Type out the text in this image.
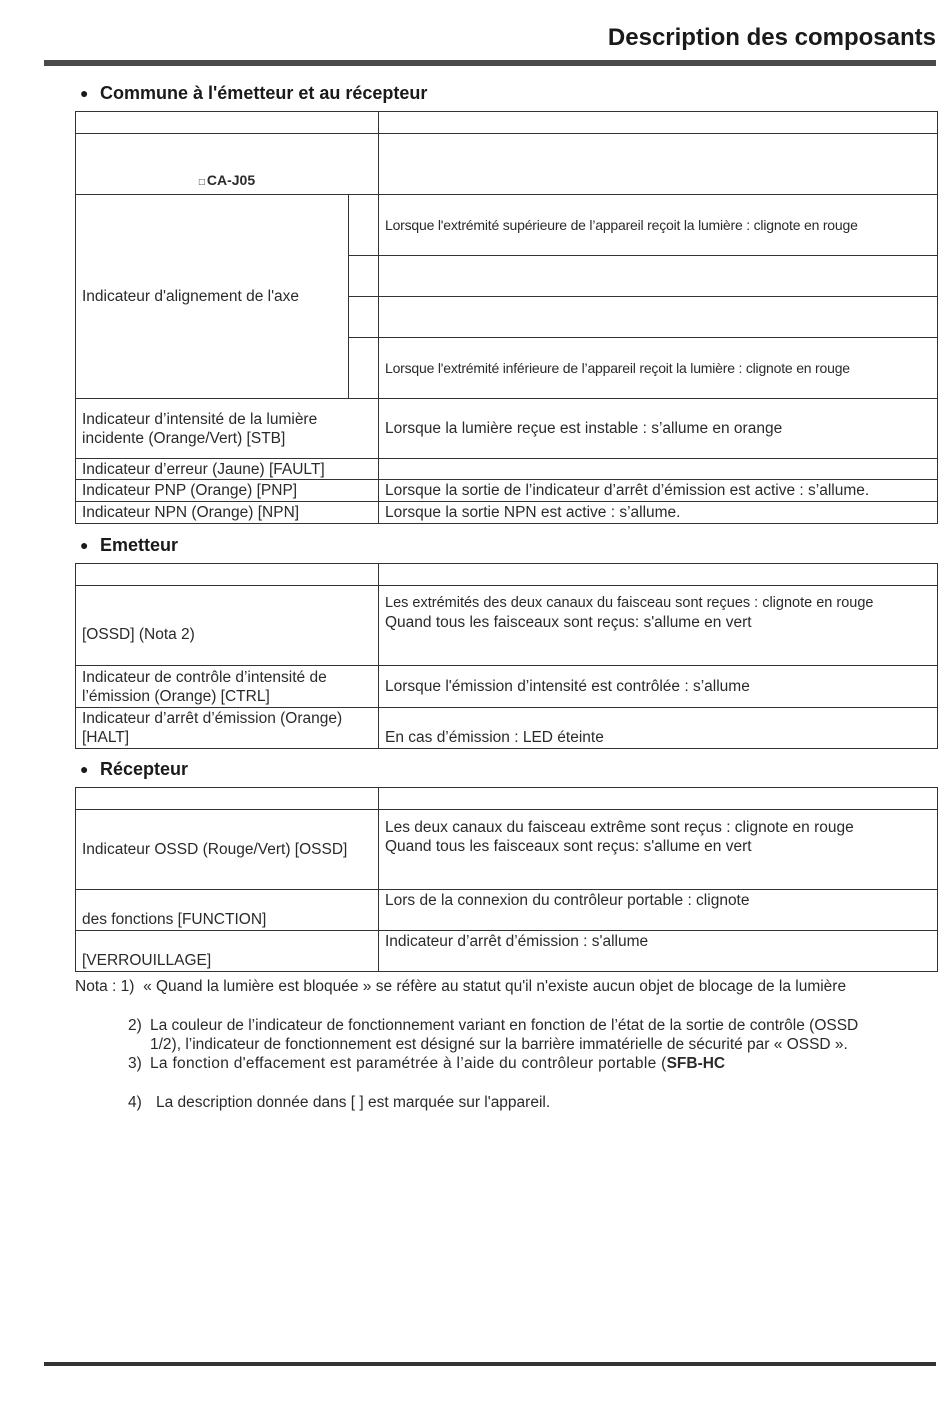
Description des composants
● Commune à l'émetteur et au récepteur

□ CA-J05		
Indicateur d'alignement de l'axe		Lorsque l'extrémité supérieure de l’appareil reçoit la lumière : clignote en rouge

		Lorsque l'extrémité inférieure de l’appareil reçoit la lumière : clignote en rouge
Indicateur d’intensité de la lumière incidente (Orange/Vert) [STB]		Lorsque la lumière reçue est instable : s’allume en orange
Indicateur d’erreur (Jaune) [FAULT]		
Indicateur PNP (Orange) [PNP]		Lorsque la sortie de l’indicateur d’arrêt d’émission est active : s’allume.
Indicateur NPN (Orange) [NPN]		Lorsque la sortie NPN est active : s’allume.
● Emetteur

[OSSD] (Nota 2)	Les extrémités des deux canaux du faisceau sont reçues : clignote en rouge
Quand tous les faisceaux sont reçus: s'allume en vert

Indicateur de contrôle d’intensité de l’émission (Orange) [CTRL]	Lorsque l'émission d’intensité est contrôlée : s’allume

Indicateur d’arrêt d’émission (Orange)
[HALT]	En cas d’émission : LED éteinte
● Récepteur

Indicateur OSSD (Rouge/Vert) [OSSD]	Les deux canaux du faisceau extrême sont reçus : clignote en rouge
Quand tous les faisceaux sont reçus: s'allume en vert

des fonctions [FUNCTION]	Lors de la connexion du contrôleur portable : clignote
[VERROUILLAGE]	Indicateur d’arrêt d’émission : s'allume
Nota : 1) « Quand la lumière est bloquée » se réfère au statut qu'il n'existe aucun objet de blocage de la lumière
2) La couleur de l’indicateur de fonctionnement variant en fonction de l’état de la sortie de contrôle (OSSD
1/2), l’indicateur de fonctionnement est désigné sur la barrière immatérielle de sécurité par « OSSD ».
3) La fonction d'effacement est paramétrée à l’aide du contrôleur portable (SFB-HC
4) La description donnée dans [ ] est marquée sur l'appareil.
